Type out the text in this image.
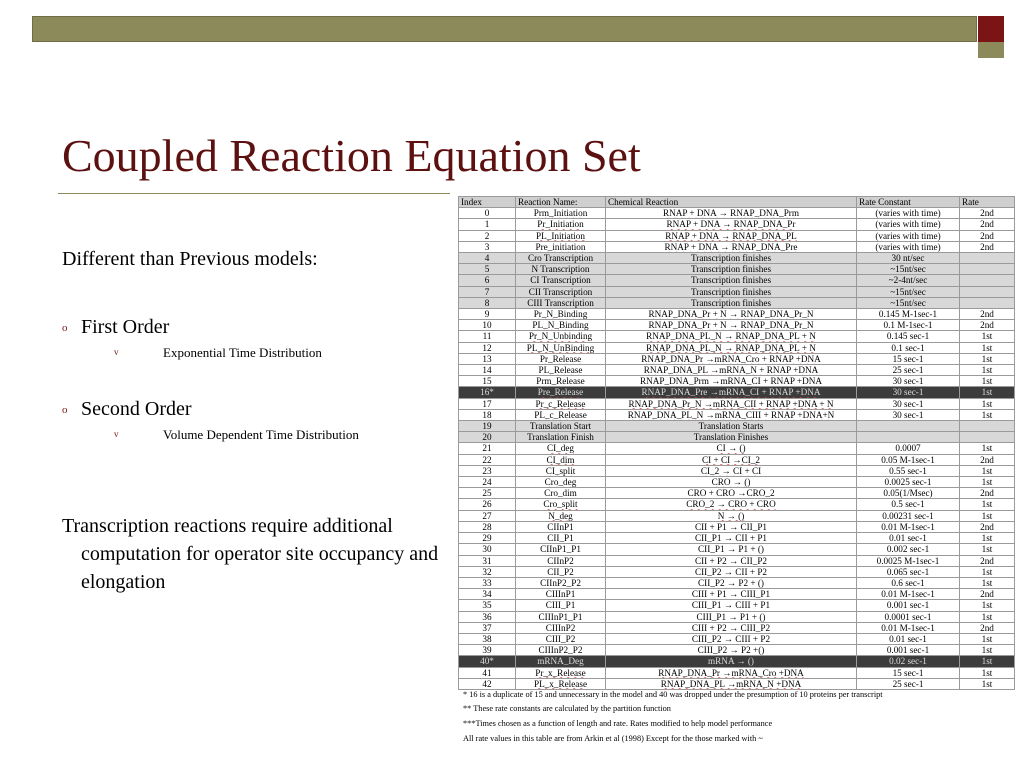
Coupled Reaction Equation Set
Different than Previous models:
o First Order
v	Exponential Time Distribution
o Second Order
v	Volume Dependent Time Distribution
Transcription reactions require additional computation for operator site occupancy and elongation
Index	Reaction Name:	Chemical Reaction	Rate Constant	Rate
0	Prm_Initiation	RNAP + DNA → RNAP_DNA_Prm	(varies with time)	2nd
1	Pr_Initiation	RNAP + DNA → RNAP_DNA_Pr	(varies with time)	2nd
2	PL_Initiation	RNAP + DNA → RNAP_DNA_PL	(varies with time)	2nd
3	Pre_initiation	RNAP + DNA → RNAP_DNA_Pre	(varies with time)	2nd
4	Cro Transcription	Transcription finishes	30 nt/sec	
5	N Transcription	Transcription finishes	~15nt/sec	
6	CI Transcription	Transcription finishes	~2-4nt/sec	
7	CII Transcription	Transcription finishes	~15nt/sec	
8	CIII Transcription	Transcription finishes	~15nt/sec	
9	Pr_N_Binding	RNAP_DNA_Pr + N → RNAP_DNA_Pr_N	0.145 M-1sec-1	2nd
10	PL_N_Binding	RNAP_DNA_Pr + N → RNAP_DNA_Pr_N	0.1 M-1sec-1	2nd
11	Pr_N_Unbinding	RNAP_DNA_PL_N → RNAP_DNA_PL + N	0.145 sec-1	1st
12	PL_N_UnBinding	RNAP_DNA_PL_N → RNAP_DNA_PL + N	0.1 sec-1	1st
13	Pr_Release	RNAP_DNA_Pr →mRNA_Cro + RNAP +DNA	15 sec-1	1st
14	PL_Release	RNAP_DNA_PL →mRNA_N + RNAP +DNA	25 sec-1	1st
15	Prm_Release	RNAP_DNA_Prm →mRNA_CI + RNAP +DNA	30 sec-1	1st
16*	Pre_Release	RNAP_DNA_Pre →mRNA_CI + RNAP +DNA	30 sec-1	1st
17	Pr_c_Release	RNAP_DNA_Pr_N →mRNA_CII + RNAP +DNA + N	30 sec-1	1st
18	PL_c_Release	RNAP_DNA_PL_N →mRNA_CIII + RNAP +DNA+N	30 sec-1	1st
19	Translation Start	Translation Starts		
20	Translation Finish	Translation Finishes		
21	CI_deg	CI → ()	0.0007	1st
22	CI_dim	CI + CI →CI_2	0.05 M-1sec-1	2nd
23	CI_split	CI_2 → CI + CI	0.55 sec-1	1st
24	Cro_deg	CRO → ()	0.0025 sec-1	1st
25	Cro_dim	CRO + CRO →CRO_2	0.05(1/Msec)	2nd
26	Cro_split	CRO_2 → CRO + CRO	0.5 sec-1	1st
27	N_deg	N → ()	0.00231 sec-1	1st
28	CIInP1	CII + P1 → CII_P1	0.01 M-1sec-1	2nd
29	CII_P1	CII_P1 → CII + P1	0.01 sec-1	1st
30	CIInP1_P1	CII_P1 → P1 + ()	0.002 sec-1	1st
31	CIInP2	CII + P2 → CII_P2	0.0025 M-1sec-1	2nd
32	CII_P2	CII_P2 → CII + P2	0.065 sec-1	1st
33	CIInP2_P2	CII_P2 → P2 + ()	0.6 sec-1	1st
34	CIIInP1	CIII + P1 → CIII_P1	0.01 M-1sec-1	2nd
35	CIII_P1	CIII_P1 → CIII + P1	0.001 sec-1	1st
36	CIIInP1_P1	CIII_P1 → P1 + ()	0.0001 sec-1	1st
37	CIIInP2	CIII + P2 → CIII_P2	0.01 M-1sec-1	2nd
38	CIII_P2	CIII_P2 → CIII + P2	0.01 sec-1	1st
39	CIIInP2_P2	CIII_P2 → P2 +()	0.001 sec-1	1st
40*	mRNA_Deg	mRNA → ()	0.02 sec-1	1st
41	Pr_x_Release	RNAP_DNA_Pr →mRNA_Cro +DNA	15 sec-1	1st
42	PL_x_Release	RNAP_DNA_PL →mRNA_N +DNA	25 sec-1	1st
* 16 is a duplicate of 15 and unnecessary in the model and 40 was dropped under the presumption of 10 proteins per transcript
** These rate constants are calculated by the partition function
***Times chosen as a function of length and rate. Rates modified to help model performance
All rate values in this table are from Arkin et al (1998) Except for the those marked with ~
